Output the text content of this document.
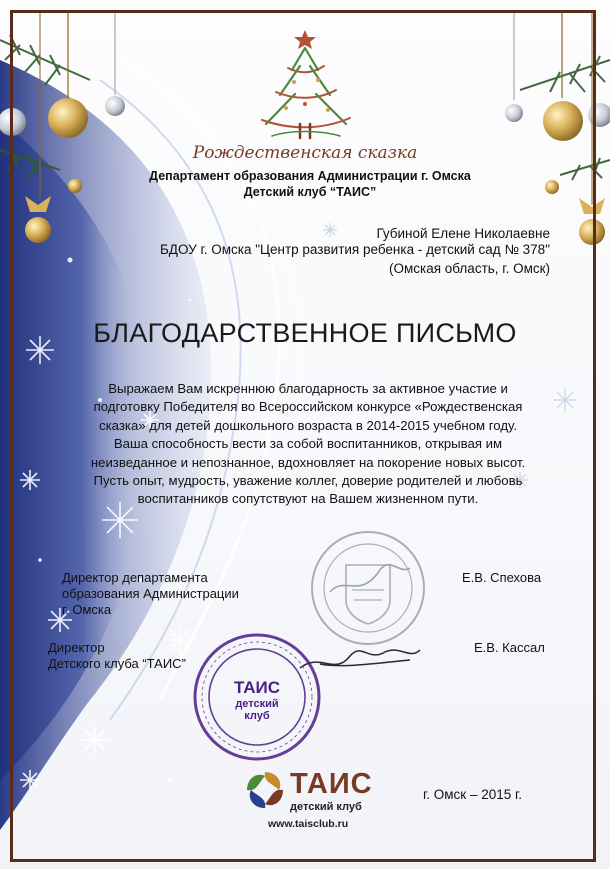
Рождественская сказка
Департамент образования Администрации г. Омска
Детский клуб “ТАИС”
Губиной Елене Николаевне
БДОУ г. Омска "Центр развития ребенка - детский сад № 378"
(Омская область, г. Омск)
БЛАГОДАРСТВЕННОЕ ПИСЬМО
Выражаем Вам искреннюю благодарность за активное участие и
подготовку Победителя во Всероссийском конкурсе «Рождественская
сказка» для детей дошкольного возраста в 2014-2015 учебном году.
Ваша способность вести за собой воспитанников, открывая им
неизведанное и непознанное, вдохновляет на покорение новых высот.
Пусть опыт, мудрость, уважение коллег, доверие родителей и любовь
воспитанников сопутствуют на Вашем жизненном пути.
Директор департамента
образования Администрации
г. Омска
Е.В. Спехова
Директор
Детского клуба “ТАИС”
Е.В. Кассал
ТАИС
детский
клуб
ТАИС
детский клуб
www.taisclub.ru
г. Омск – 2015 г.
